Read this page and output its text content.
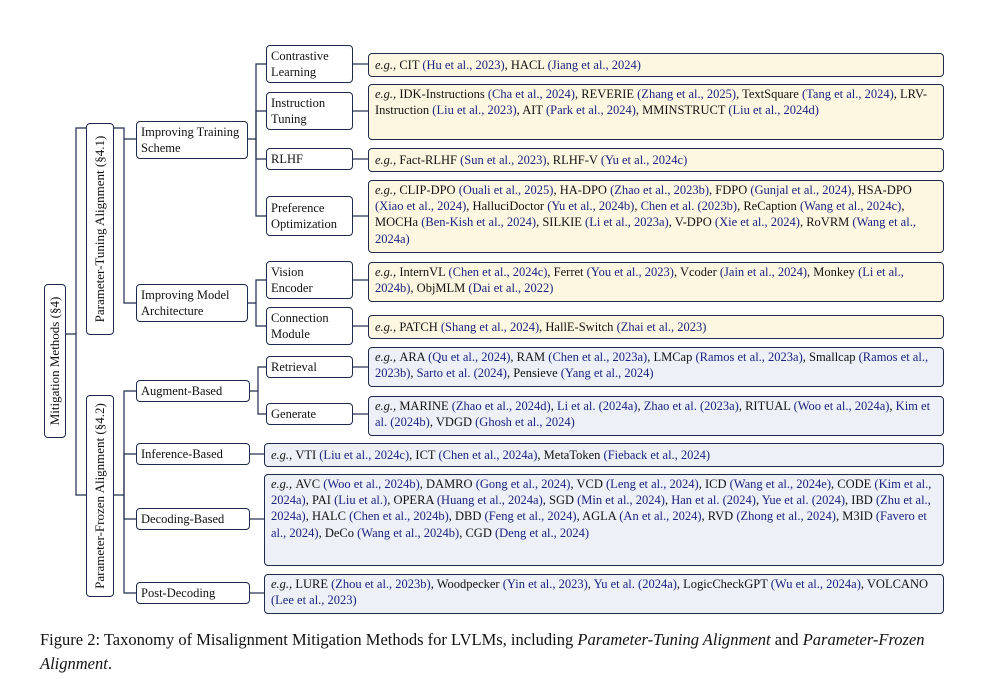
Mitigation Methods (§4)
Parameter-Tuning Alignment (§4.1)
Parameter-Frozen Alignment (§4.2)
Improving Training Scheme
Improving Model Architecture
Augment-Based
Inference-Based
Decoding-Based
Post-Decoding
Contrastive Learning
Instruction Tuning
RLHF
Preference Optimization
Vision Encoder
Connection Module
Retrieval
Generate
e.g., CIT (Hu et al., 2023), HACL (Jiang et al., 2024)
e.g., IDK-Instructions (Cha et al., 2024), REVERIE (Zhang et al., 2025), TextSquare (Tang et al., 2024), LRV-Instruction (Liu et al., 2023), AIT (Park et al., 2024), MMINSTRUCT (Liu et al., 2024d)
e.g., Fact-RLHF (Sun et al., 2023), RLHF-V (Yu et al., 2024c)
e.g., CLIP-DPO (Ouali et al., 2025), HA-DPO (Zhao et al., 2023b), FDPO (Gunjal et al., 2024), HSA-DPO (Xiao et al., 2024), HalluciDoctor (Yu et al., 2024b), Chen et al. (2023b), ReCaption (Wang et al., 2024c), MOCHa (Ben-Kish et al., 2024), SILKIE (Li et al., 2023a), V-DPO (Xie et al., 2024), RoVRM (Wang et al., 2024a)
e.g., InternVL (Chen et al., 2024c), Ferret (You et al., 2023), Vcoder (Jain et al., 2024), Monkey (Li et al., 2024b), ObjMLM (Dai et al., 2022)
e.g., PATCH (Shang et al., 2024), HallE-Switch (Zhai et al., 2023)
e.g., ARA (Qu et al., 2024), RAM (Chen et al., 2023a), LMCap (Ramos et al., 2023a), Smallcap (Ramos et al., 2023b), Sarto et al. (2024), Pensieve (Yang et al., 2024)
e.g., MARINE (Zhao et al., 2024d), Li et al. (2024a), Zhao et al. (2023a), RITUAL (Woo et al., 2024a), Kim et al. (2024b), VDGD (Ghosh et al., 2024)
e.g., VTI (Liu et al., 2024c), ICT (Chen et al., 2024a), MetaToken (Fieback et al., 2024)
e.g., AVC (Woo et al., 2024b), DAMRO (Gong et al., 2024), VCD (Leng et al., 2024), ICD (Wang et al., 2024e), CODE (Kim et al., 2024a), PAI (Liu et al.), OPERA (Huang et al., 2024a), SGD (Min et al., 2024), Han et al. (2024), Yue et al. (2024), IBD (Zhu et al., 2024a), HALC (Chen et al., 2024b), DBD (Feng et al., 2024), AGLA (An et al., 2024), RVD (Zhong et al., 2024), M3ID (Favero et al., 2024), DeCo (Wang et al., 2024b), CGD (Deng et al., 2024)
e.g., LURE (Zhou et al., 2023b), Woodpecker (Yin et al., 2023), Yu et al. (2024a), LogicCheckGPT (Wu et al., 2024a), VOLCANO (Lee et al., 2023)
Figure 2: Taxonomy of Misalignment Mitigation Methods for LVLMs, including Parameter-Tuning Alignment and Parameter-Frozen Alignment.
